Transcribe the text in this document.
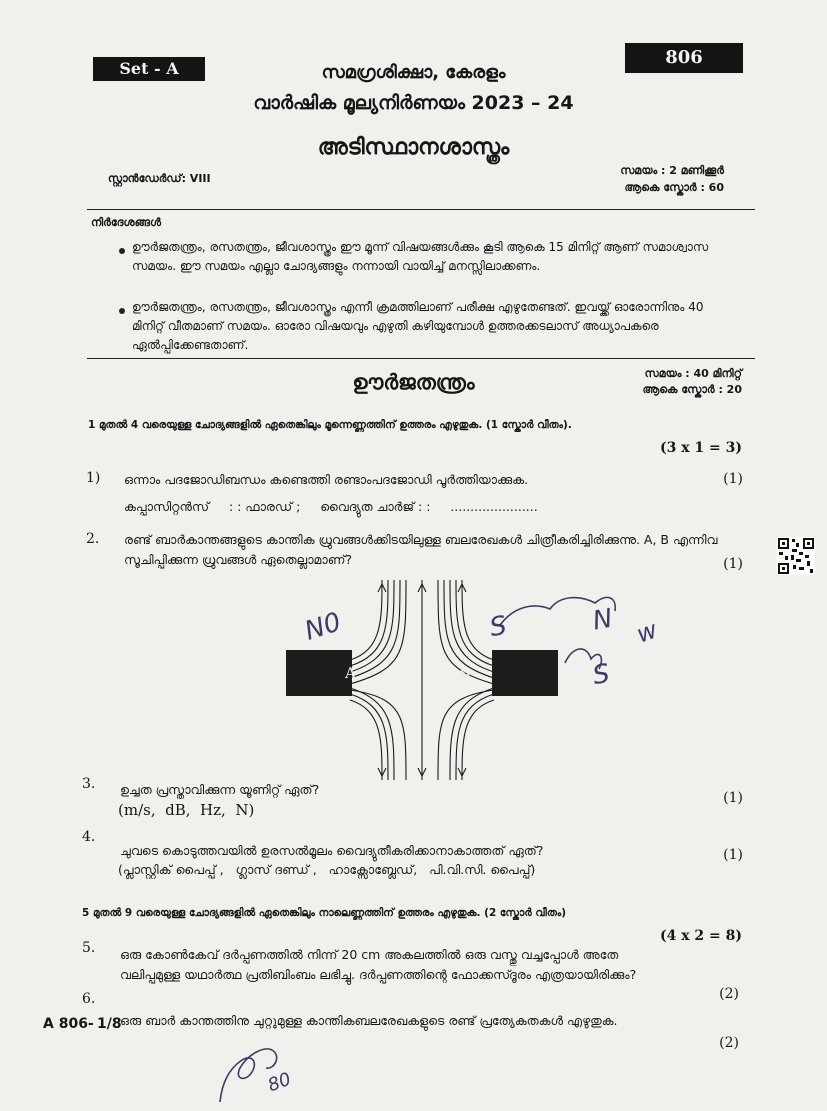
Set - A
806
സമഗ്രശിക്ഷാ, കേരളം
വാർഷിക മൂല്യനിർണയം 2023 – 24
അടിസ്ഥാനശാസ്ത്രം
സ്റ്റാൻഡേർഡ്: VIII
സമയം : 2 മണിക്കൂർ
ആകെ സ്കോർ : 60
നിർദേശങ്ങൾ
ഊർജതന്ത്രം, രസതന്ത്രം, ജീവശാസ്ത്രം ഈ മൂന്ന് വിഷയങ്ങൾക്കും കൂടി ആകെ 15 മിനിറ്റ് ആണ് സമാശ്വാസ സമയം. ഈ സമയം എല്ലാ ചോദ്യങ്ങളും നന്നായി വായിച്ച് മനസ്സിലാക്കണം.
ഊർജതന്ത്രം, രസതന്ത്രം, ജീവശാസ്ത്രം എന്നീ ക്രമത്തിലാണ് പരീക്ഷ എഴുതേണ്ടത്. ഇവയ്ക്ക് ഓരോന്നിനും 40 മിനിറ്റ് വീതമാണ് സമയം. ഓരോ വിഷയവും എഴുതി കഴിയുമ്പോൾ ഉത്തരക്കടലാസ് അധ്യാപകരെ ഏൽപ്പിക്കേണ്ടതാണ്.
ഊർജതന്ത്രം	സമയം : 40 മിനിറ്റ്
ആകെ സ്കോർ : 20
1 മുതൽ 4 വരെയുള്ള ചോദ്യങ്ങളിൽ ഏതെങ്കിലും മൂന്നെണ്ണത്തിന് ഉത്തരം എഴുതുക. (1 സ്കോർ വീതം).
(3 x 1 = 3)
1) ഒന്നാം പദജോഡിബന്ധം കണ്ടെത്തി രണ്ടാംപദജോഡി പൂർത്തിയാക്കുക.	(1)
കപ്പാസിറ്റൻസ്     : : ഫാരഡ് ;     വൈദ്യുത ചാർജ് : :     ......................
2. രണ്ട് ബാർകാന്തങ്ങളുടെ കാന്തിക ധ്രുവങ്ങൾക്കിടയിലുള്ള ബലരേഖകൾ ചിത്രീകരിച്ചിരിക്കുന്നു. A, B എന്നിവ സൂചിപ്പിക്കുന്ന ധ്രുവങ്ങൾ ഏതെല്ലാമാണ്?	(1)
A	B
N0	S	N
S
w
3. ഉച്ചത പ്രസ്താവിക്കുന്ന യൂണിറ്റ് ഏത്?
(m/s,  dB,  Hz,  N)
(1)
4.
ചുവടെ കൊടുത്തവയിൽ ഉരസൽമൂലം വൈദ്യുതീകരിക്കാനാകാത്തത് ഏത്?	(1)
(പ്ലാസ്റ്റിക് പൈപ്പ് ,   ഗ്ലാസ് ദണ്ഡ് ,   ഹാക്സോബ്ലേഡ്,   പി.വി.സി. പൈപ്പ്)
5 മുതൽ 9 വരെയുള്ള ചോദ്യങ്ങളിൽ ഏതെങ്കിലും നാലെണ്ണത്തിന് ഉത്തരം എഴുതുക. (2 സ്കോർ വീതം)
(4 x 2 = 8)
5. ഒരു കോൺകേവ് ദർപ്പണത്തിൽ നിന്ന് 20 cm അകലത്തിൽ ഒരു വസ്തു വച്ചപ്പോൾ അതേ വലിപ്പമുള്ള യഥാർത്ഥ പ്രതിബിംബം ലഭിച്ചു. ദർപ്പണത്തിന്റെ ഫോക്കസ്ദൂരം എത്രയായിരിക്കും?
(2)
6.
ഒരു ബാർ കാന്തത്തിനു ചുറ്റുമുള്ള കാന്തികബലരേഖകളുടെ രണ്ട് പ്രത്യേകതകൾ എഴുതുക.
(2)
A 806- 1/8
80
